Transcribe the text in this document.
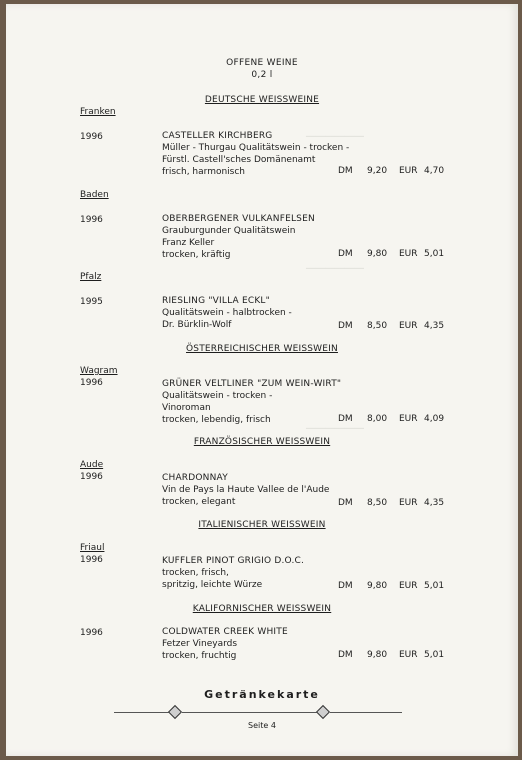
────────────
────────────
────────────
OFFENE WEINE
0,2 l
DEUTSCHE WEISSWEINE
Franken
1996	CASTELLER KIRCHBERG
Müller - Thurgau Qualitätswein - trocken -
Fürstl. Castell'sches Domänenamt
frisch, harmonisch	DM 9,20 EUR 4,70
Baden
1996	OBERBERGENER VULKANFELSEN
Grauburgunder Qualitätswein
Franz Keller
trocken, kräftig	DM 9,80 EUR 5,01
Pfalz
1995	RIESLING "VILLA ECKL"
Qualitätswein - halbtrocken -
Dr. Bürklin-Wolf	DM 8,50 EUR 4,35
ÖSTERREICHISCHER WEISSWEIN
Wagram
1996	GRÜNER VELTLINER "ZUM WEIN-WIRT"
Qualitätswein - trocken -
Vinoroman
trocken, lebendig, frisch	DM 8,00 EUR 4,09
FRANZÖSISCHER WEISSWEIN
Aude
1996	CHARDONNAY
Vin de Pays la Haute Vallee de l'Aude
trocken, elegant	DM 8,50 EUR 4,35
ITALIENISCHER WEISSWEIN
Friaul
1996	KUFFLER PINOT GRIGIO D.O.C.
trocken, frisch,
spritzig, leichte Würze	DM 9,80 EUR 5,01
KALIFORNISCHER WEISSWEIN
1996	COLDWATER CREEK WHITE
Fetzer Vineyards
trocken, fruchtig	DM 9,80 EUR 5,01
Getränkekarte
Seite 4
